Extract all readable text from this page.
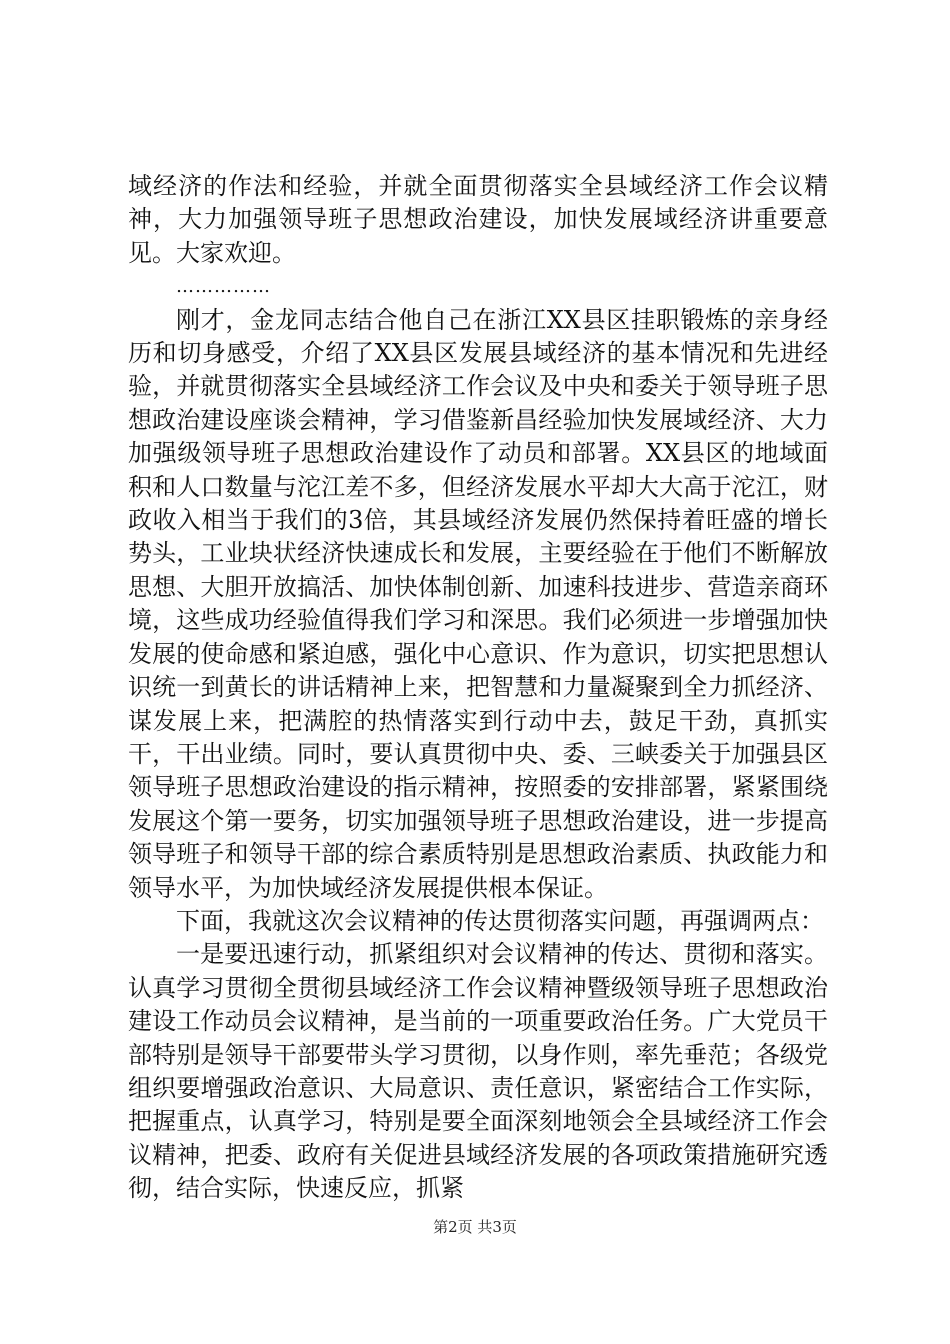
域经济的作法和经验，并就全面贯彻落实全县域经济工作会议精神，大力加强领导班子思想政治建设，加快发展域经济讲重要意见。大家欢迎。

……………

刚才，金龙同志结合他自己在浙江XX县区挂职锻炼的亲身经历和切身感受，介绍了XX县区发展县域经济的基本情况和先进经验，并就贯彻落实全县域经济工作会议及中央和委关于领导班子思想政治建设座谈会精神，学习借鉴新昌经验加快发展域经济、大力加强级领导班子思想政治建设作了动员和部署。XX县区的地域面积和人口数量与沱江差不多，但经济发展水平却大大高于沱江，财政收入相当于我们的3倍，其县域经济发展仍然保持着旺盛的增长势头，工业块状经济快速成长和发展，主要经验在于他们不断解放思想、大胆开放搞活、加快体制创新、加速科技进步、营造亲商环境，这些成功经验值得我们学习和深思。我们必须进一步增强加快发展的使命感和紧迫感，强化中心意识、作为意识，切实把思想认识统一到黄长的讲话精神上来，把智慧和力量凝聚到全力抓经济、谋发展上来，把满腔的热情落实到行动中去，鼓足干劲，真抓实干，干出业绩。同时，要认真贯彻中央、委、三峡委关于加强县区领导班子思想政治建设的指示精神，按照委的安排部署，紧紧围绕发展这个第一要务，切实加强领导班子思想政治建设，进一步提高领导班子和领导干部的综合素质特别是思想政治素质、执政能力和领导水平，为加快域经济发展提供根本保证。

下面，我就这次会议精神的传达贯彻落实问题，再强调两点：

一是要迅速行动，抓紧组织对会议精神的传达、贯彻和落实。认真学习贯彻全贯彻县域经济工作会议精神暨级领导班子思想政治建设工作动员会议精神，是当前的一项重要政治任务。广大党员干部特别是领导干部要带头学习贯彻，以身作则，率先垂范；各级党组织要增强政治意识、大局意识、责任意识，紧密结合工作实际，把握重点，认真学习，特别是要全面深刻地领会全县域经济工作会议精神，把委、政府有关促进县域经济发展的各项政策措施研究透彻，结合实际，快速反应，抓紧

第2页 共3页
